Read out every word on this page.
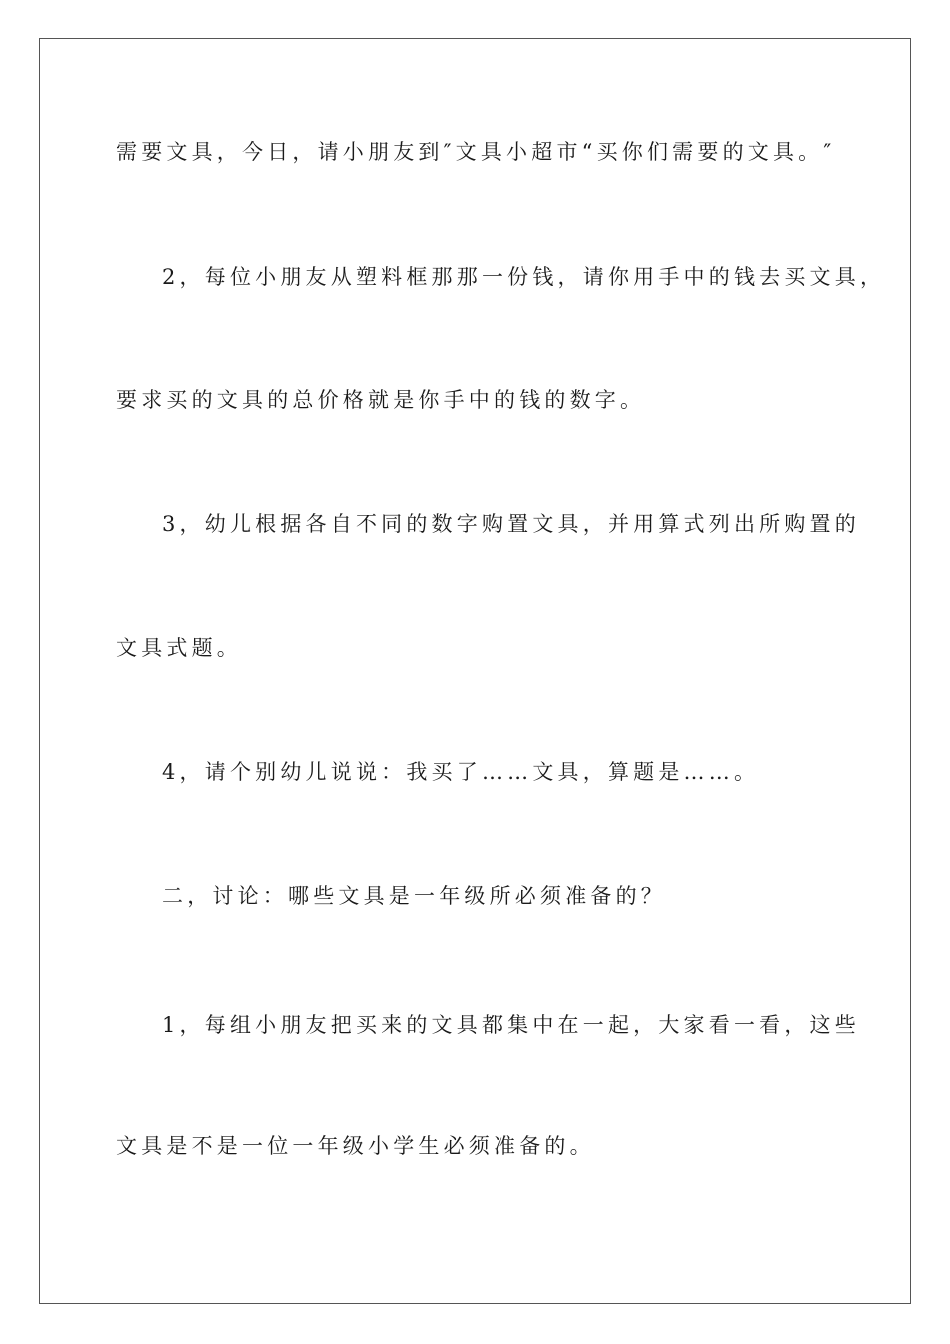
需要文具，今日，请小朋友到″文具小超市“买你们需要的文具。″
2，每位小朋友从塑料框那那一份钱，请你用手中的钱去买文具，
要求买的文具的总价格就是你手中的钱的数字。
3，幼儿根据各自不同的数字购置文具，并用算式列出所购置的
文具式题。
4，请个别幼儿说说：我买了……文具，算题是……。
二，讨论：哪些文具是一年级所必须准备的？
1，每组小朋友把买来的文具都集中在一起，大家看一看，这些
文具是不是一位一年级小学生必须准备的。
